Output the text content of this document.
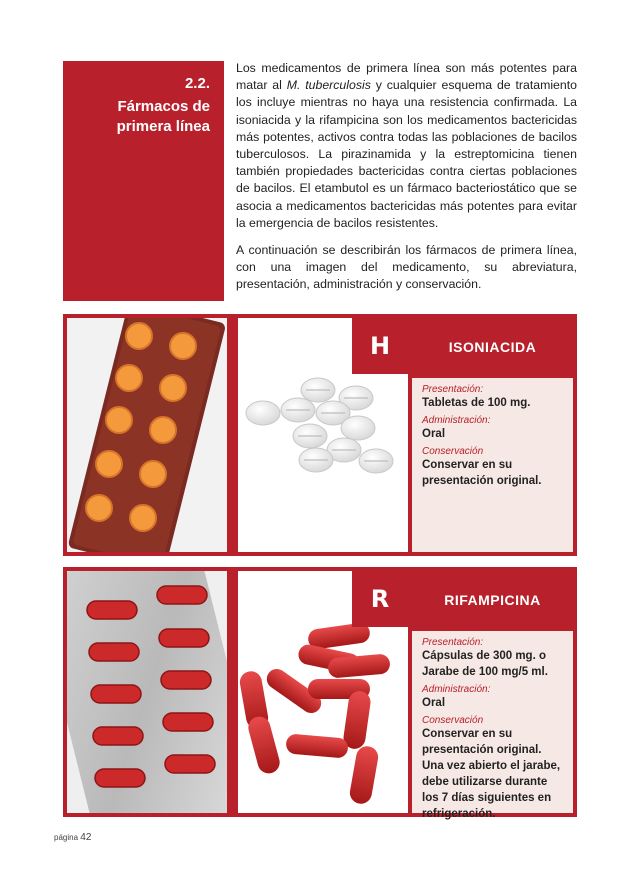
2.2.
Fármacos de primera línea

Los medicamentos de primera línea son más potentes para matar al M. tuberculosis y cualquier esquema de tratamiento los incluye mientras no haya una resistencia confirmada. La isoniacida y la rifampicina son los medicamentos bactericidas más potentes, activos contra todas las poblaciones de bacilos tuberculosos. La pirazinamida y la estreptomicina tienen también propiedades bactericidas contra ciertas poblaciones de bacilos. El etambutol es un fármaco bacteriostático que se asocia a medicamentos bactericidas más potentes para evitar la emergencia de bacilos resistentes.

A continuación se describirán los fármacos de primera línea, con una imagen del medicamento, su abreviatura, presentación, administración y conservación.

H	ISONIACIDA

Presentación:

Tabletas de 100 mg.

Administración:

Oral

Conservación

Conservar en su presentación original.

R	RIFAMPICINA

Presentación:

Cápsulas de 300 mg. o Jarabe de 100 mg/5 ml.

Administración:

Oral

Conservación

Conservar en su presentación original. Una vez abierto el jarabe, debe utilizarse durante los 7 días siguientes en refrigeración.

página 42
